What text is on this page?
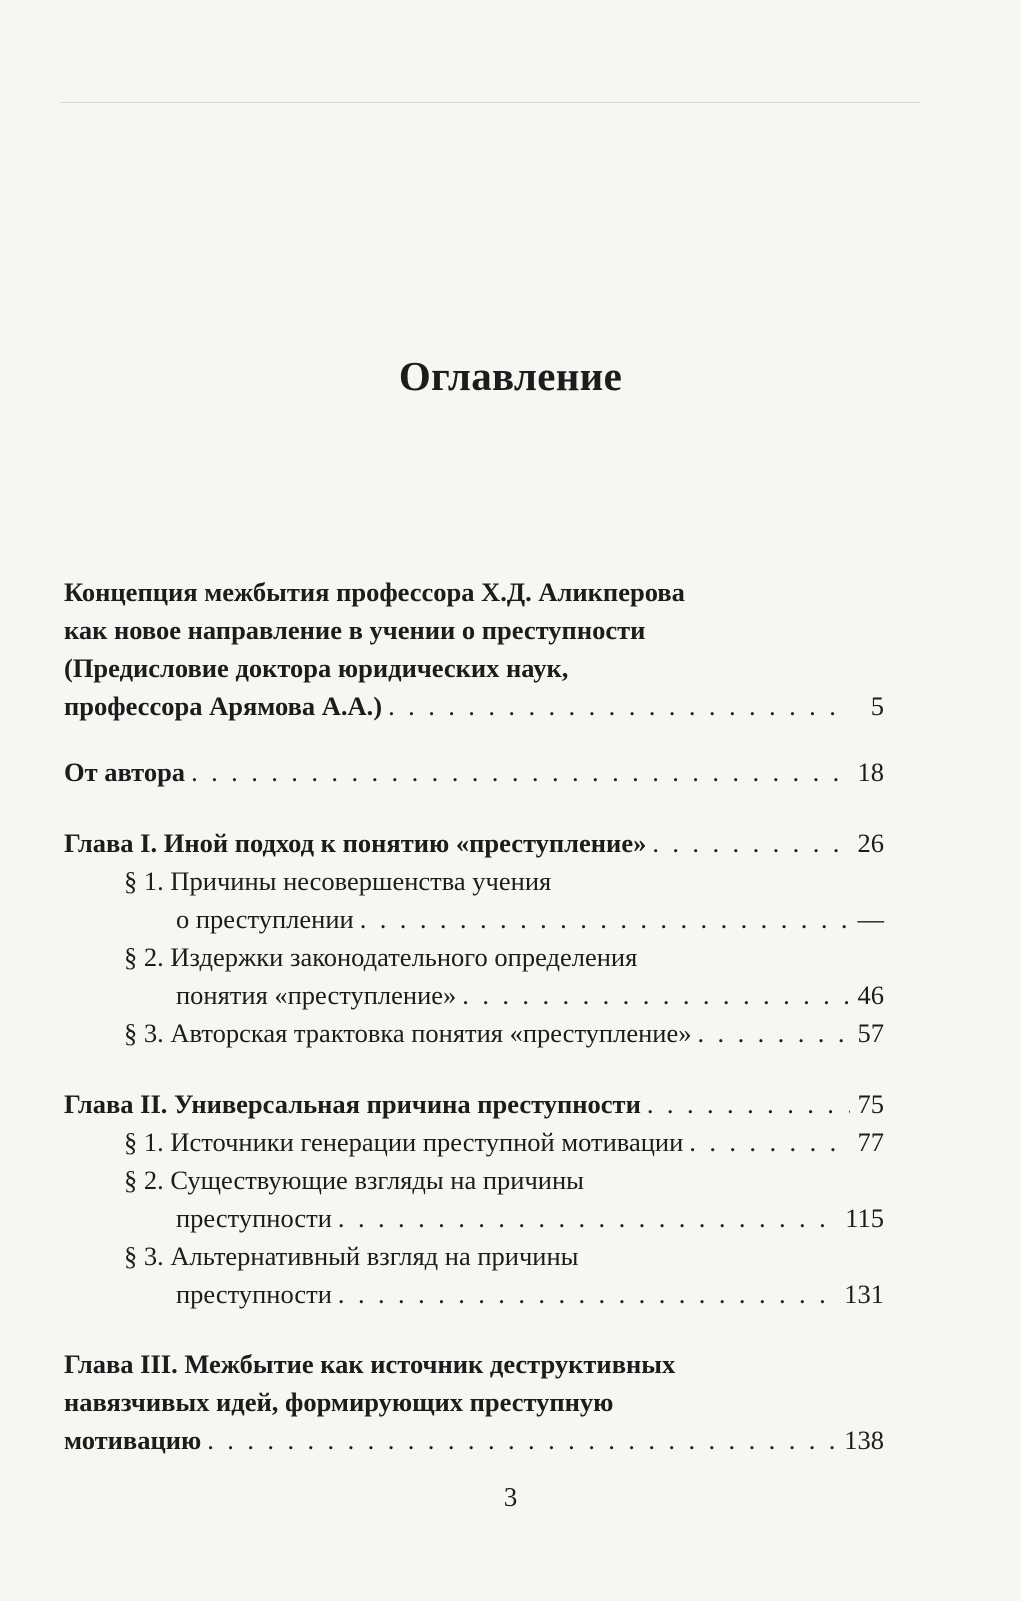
Оглавление
Концепция межбытия профессора Х.Д. Аликперова
как новое направление в учении о преступности
(Предисловие доктора юридических наук,
профессора Арямова А.А.) . . .	5
От автора . . .	18
Глава I. Иной подход к понятию «преступление» . . .	26
§ 1. Причины несовершенства учения
о преступлении . . .	—
§ 2. Издержки законодательного определения
понятия «преступление» . . .	46
§ 3. Авторская трактовка понятия «преступление» . . .	57
Глава II. Универсальная причина преступности . . .	75
§ 1. Источники генерации преступной мотивации . . .	77
§ 2. Существующие взгляды на причины
преступности . . .	115
§ 3. Альтернативный взгляд на причины
преступности . . .	131
Глава III. Межбытие как источник деструктивных
навязчивых идей, формирующих преступную
мотивацию . . .	138
3
